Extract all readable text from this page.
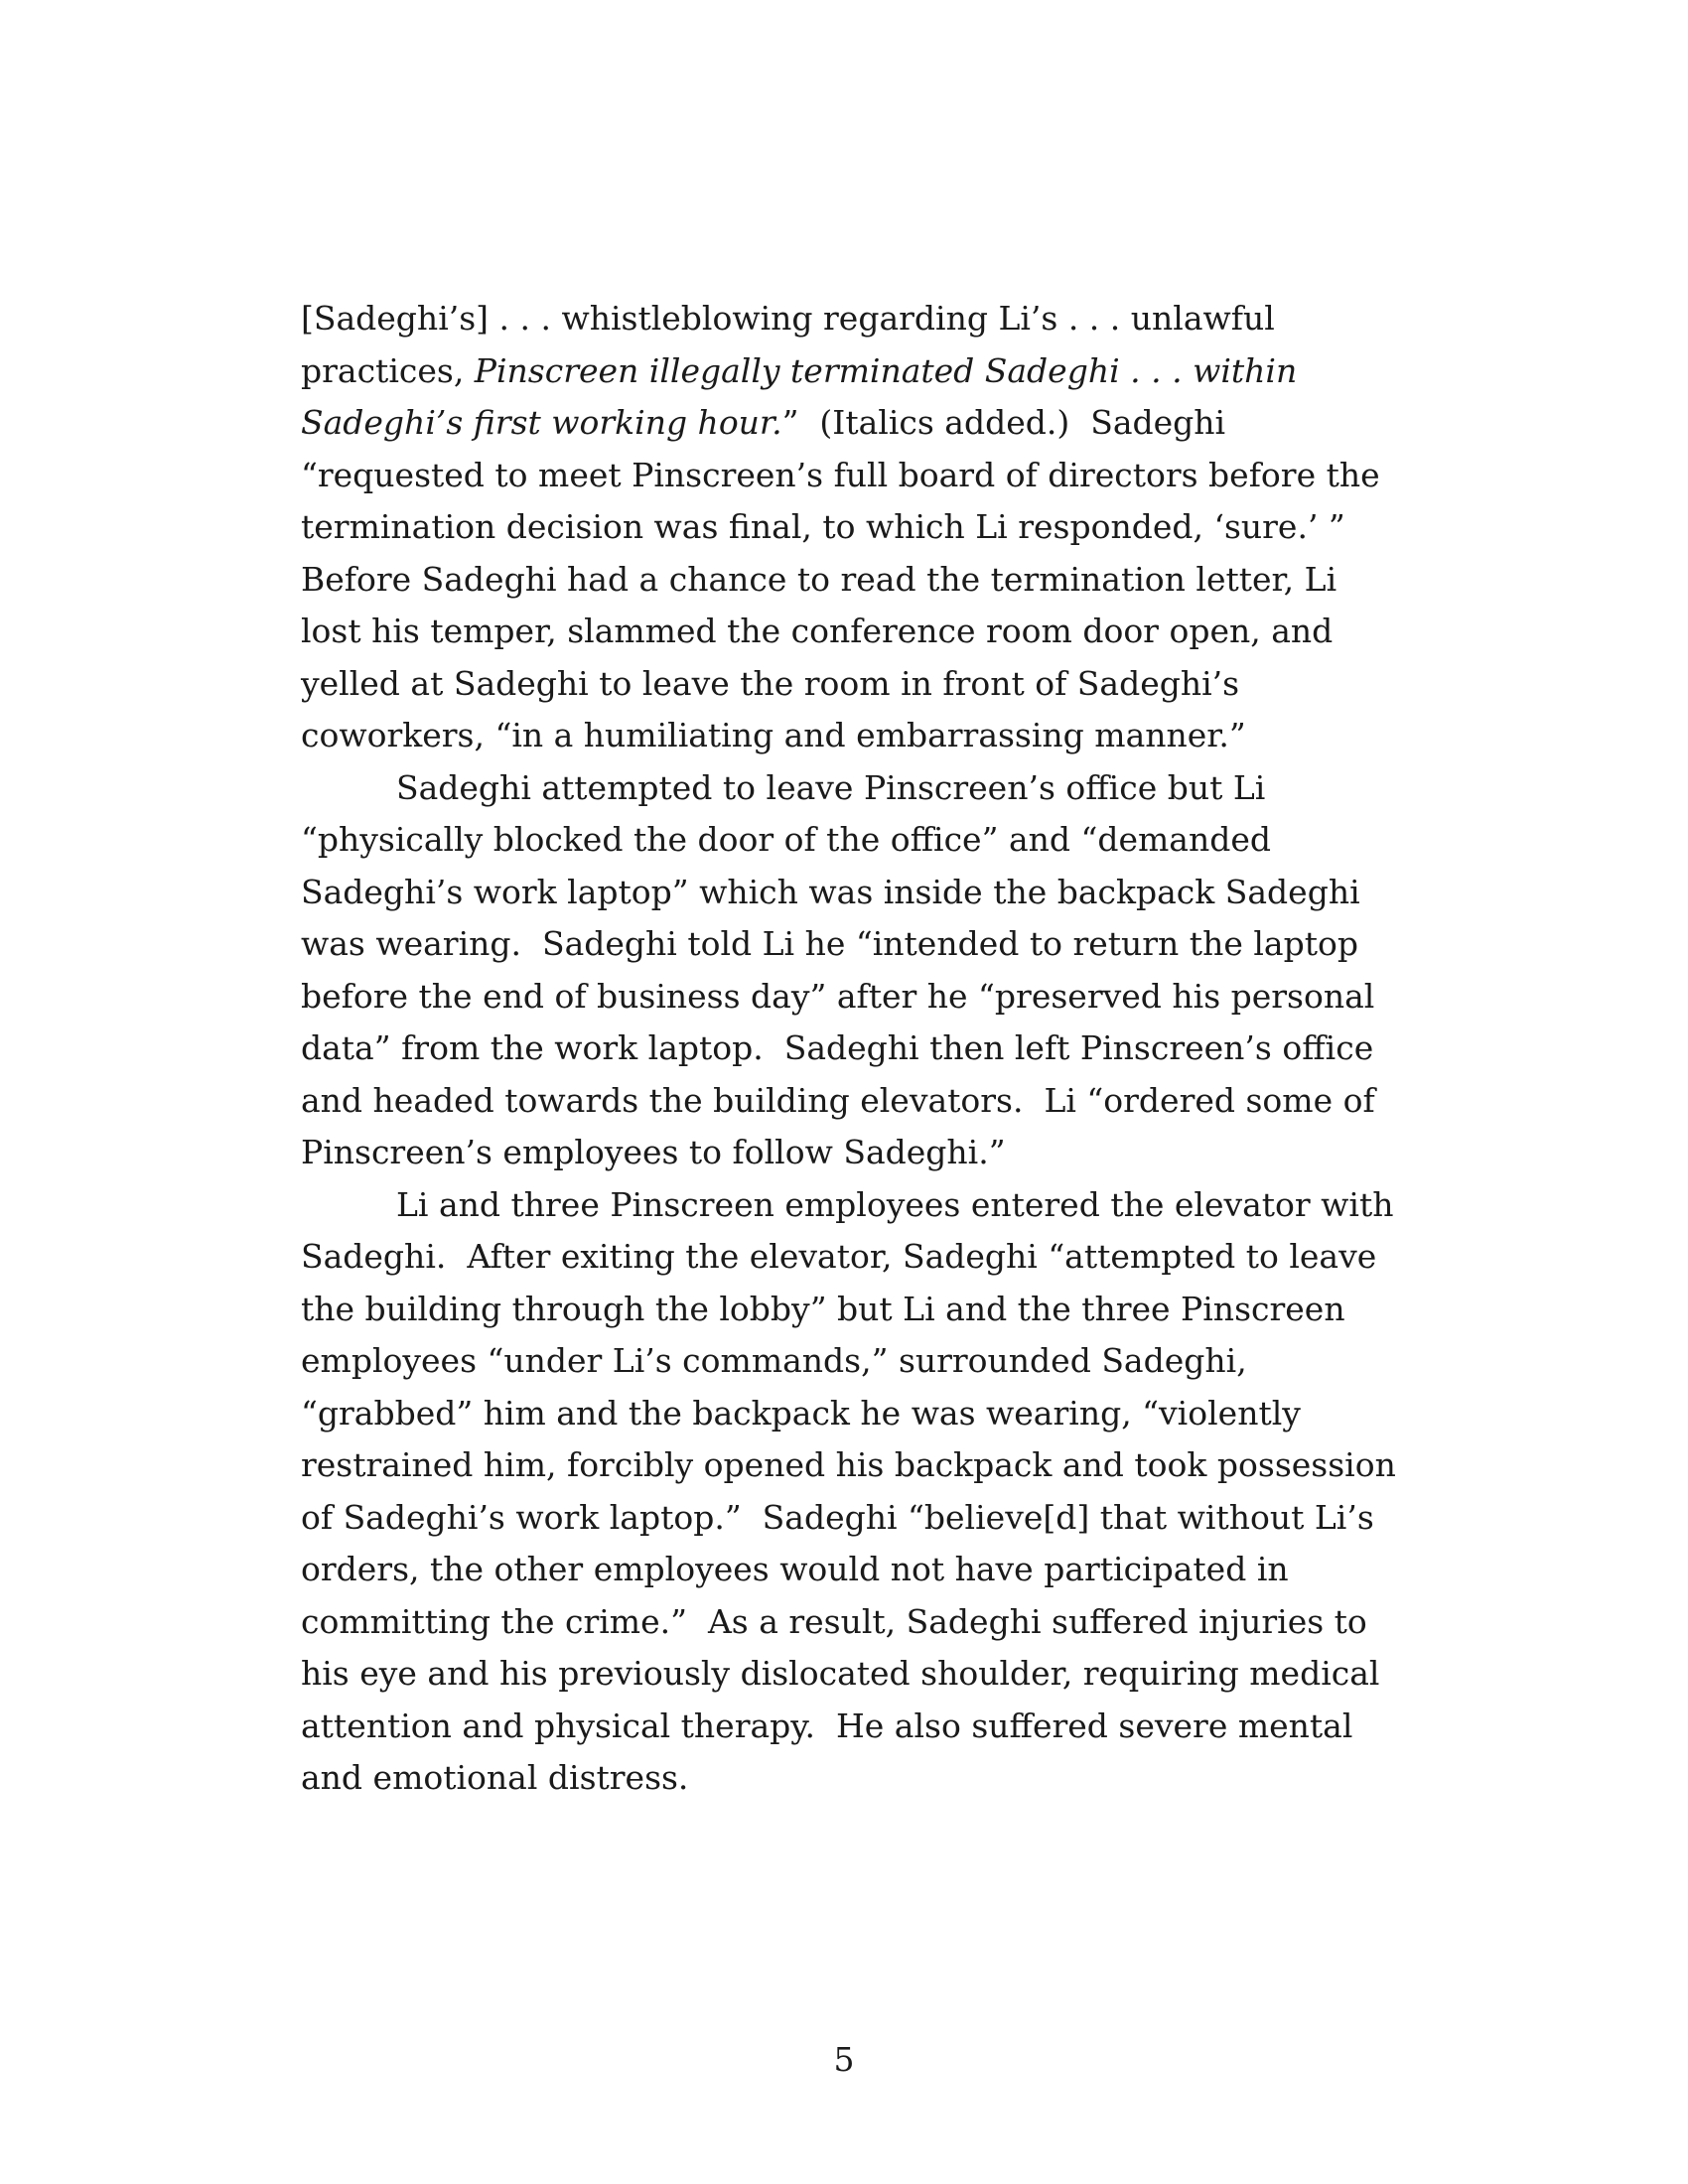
[Sadeghi’s] . . . whistleblowing regarding Li’s . . . unlawful
practices, Pinscreen illegally terminated Sadeghi . . . within
Sadeghi’s first working hour.”  (Italics added.)  Sadeghi
“requested to meet Pinscreen’s full board of directors before the
termination decision was final, to which Li responded, ‘sure.’ ”
Before Sadeghi had a chance to read the termination letter, Li
lost his temper, slammed the conference room door open, and
yelled at Sadeghi to leave the room in front of Sadeghi’s
coworkers, “in a humiliating and embarrassing manner.”
Sadeghi attempted to leave Pinscreen’s office but Li
“physically blocked the door of the office” and “demanded
Sadeghi’s work laptop” which was inside the backpack Sadeghi
was wearing.  Sadeghi told Li he “intended to return the laptop
before the end of business day” after he “preserved his personal
data” from the work laptop.  Sadeghi then left Pinscreen’s office
and headed towards the building elevators.  Li “ordered some of
Pinscreen’s employees to follow Sadeghi.”
Li and three Pinscreen employees entered the elevator with
Sadeghi.  After exiting the elevator, Sadeghi “attempted to leave
the building through the lobby” but Li and the three Pinscreen
employees “under Li’s commands,” surrounded Sadeghi,
“grabbed” him and the backpack he was wearing, “violently
restrained him, forcibly opened his backpack and took possession
of Sadeghi’s work laptop.”  Sadeghi “believe[d] that without Li’s
orders, the other employees would not have participated in
committing the crime.”  As a result, Sadeghi suffered injuries to
his eye and his previously dislocated shoulder, requiring medical
attention and physical therapy.  He also suffered severe mental
and emotional distress.
5
